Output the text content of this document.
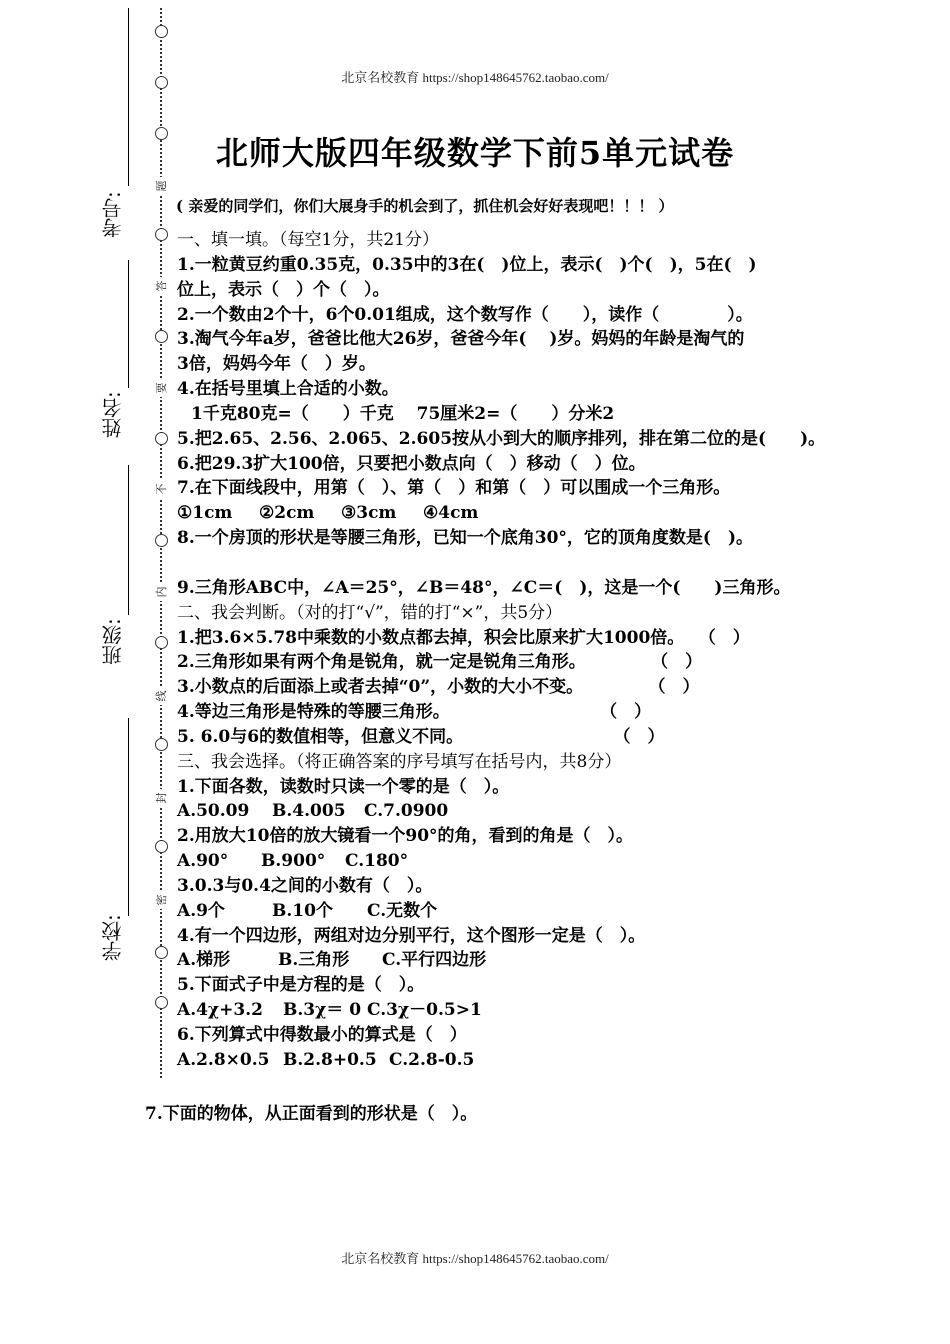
北京名校教育 https://shop148645762.taobao.com/
考号:
姓名:
班级:
学校:
题
答
要
不
内
线
封
密
北师大版四年级数学下前5单元试卷
( 亲爱的同学们，你们大展身手的机会到了，抓住机会好好表现吧！！！ ）
一、填一填。（每空1分，共21分）
1.一粒黄豆约重0.35克，0.35中的3在(　)位上，表示(　)个(　)，5在(　)
位上，表示（　）个（　）。
2.一个数由2个十，6个0.01组成，这个数写作（　　），读作（　　　　）。
3.淘气今年a岁，爸爸比他大26岁，爸爸今年(　 )岁。妈妈的年龄是淘气的
3倍，妈妈今年（　）岁。
4.在括号里填上合适的小数。
1千克80克=（　　）千克　 75厘米2=（　　）分米2
5.把2.65、2.56、2.065、2.605按从小到大的顺序排列，排在第二位的是(　　)。
6.把29.3扩大100倍，只要把小数点向（　）移动（　）位。
7.在下面线段中，用第（　）、第（　）和第（　）可以围成一个三角形。
①1cm ②2cm ③3cm ④4cm
8.一个房顶的形状是等腰三角形，已知一个底角30°，它的顶角度数是(　)。
9.三角形ABC中，∠A＝25°，∠B＝48°，∠C＝(　)，这是一个(　　)三角形。
二、我会判断。（对的打“√”，错的打“×”，共5分）
1.把3.6×5.78中乘数的小数点都去掉，积会比原来扩大1000倍。　 （　）
2.三角形如果有两个角是锐角，就一定是锐角三角形。　　　　 （　）
3.小数点的后面添上或者去掉“0”，小数的大小不变。　　　　 （　）
4.等边三角形是特殊的等腰三角形。　　　　　　　　　 （　）
5. 6.0与6的数值相等，但意义不同。　　　　　　　　　 （　）
三、我会选择。（将正确答案的序号填写在括号内，共8分）
1.下面各数，读数时只读一个零的是（　）。
A.50.09 B.4.005 C.7.0900
2.用放大10倍的放大镜看一个90°的角，看到的角是（　）。
A.90° B.900° C.180°
3.0.3与0.4之间的小数有（　）。
A.9个	B.10个 C.无数个
4.有一个四边形，两组对边分别平行，这个图形一定是（　）。
A.梯形	B.三角形 C.平行四边形
5.下面式子中是方程的是（　）。
A.4χ+3.2 B.3χ＝ 0 C.3χ－0.5>1
6.下列算式中得数最小的算式是（　）
A.2.8×0.5 B.2.8+0.5 C.2.8-0.5
7.下面的物体，从正面看到的形状是（　）。
北京名校教育 https://shop148645762.taobao.com/
